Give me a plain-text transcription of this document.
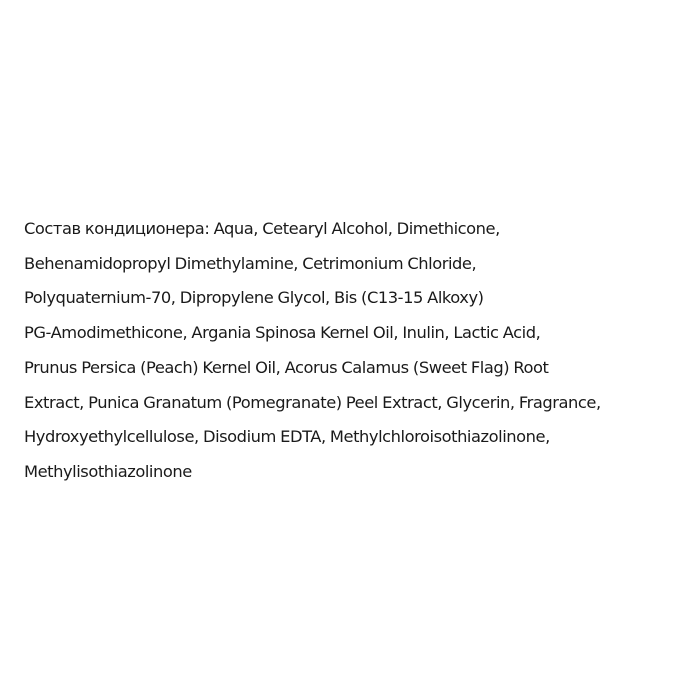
Состав кондиционера: Aqua, Cetearyl Alcohol, Dimethicone,
Behenamidopropyl Dimethylamine, Cetrimonium Chloride,
Polyquaternium-70, Dipropylene Glycol, Bis (C13-15 Alkoxy)
PG-Amodimethicone, Argania Spinosa Kernel Oil, Inulin, Lactic Acid,
Prunus Persica (Peach) Kernel Oil, Acorus Calamus (Sweet Flag) Root
Extract, Punica Granatum (Pomegranate) Peel Extract, Glycerin, Fragrance,
Hydroxyethylcellulose, Disodium EDTA, Methylchloroisothiazolinone,
Methylisothiazolinone
